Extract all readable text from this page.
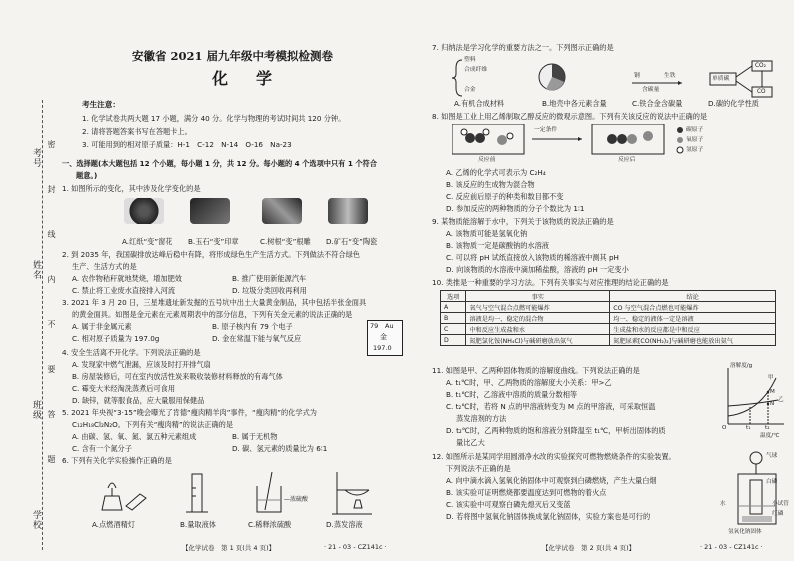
考号
姓名
班级
学校
密
封
线
内
不
要
答
题
安徽省 2021 届九年级中考模拟检测卷
化　学
考生注意：
1. 化学试卷共两大题 17 小题，满分 40 分。化学与物理的考试时间共 120 分钟。
2. 请将答题答案书写在答题卡上。
3. 可能用到的相对原子质量：H-1　C-12　N-14　O-16　Na-23
一、选择题(本大题包括 12 个小题，每小题 1 分，共 12 分。每小题的 4 个选项中只有 1 个符合
题意。)
1. 如图所示的变化，其中涉及化学变化的是
A.红纸“变”窗花 B.玉石“变”印章	C.树根“变”根雕 D.矿石“变”陶瓷
2. 到 2035 年，我国碳排放达峰后稳中有降，将形成绿色生产生活方式。下列做法不符合绿色
生产、生活方式的是
A. 农作物秸秆就地焚烧，增加肥效	B. 推广使用新能源汽车
C. 禁止将工业废水直接排入河流	D. 垃圾分类回收再利用
3. 2021 年 3 月 20 日，三星堆遗址新发掘的五号坑中出土大量黄金制品，其中包括半张金面具
的黄金面具。如图是金元素在元素周期表中的部分信息，下列有关金元素的说法正确的是
A. 属于非金属元素	B. 原子核内有 79 个电子
C. 相对原子质量为 197.0g	D. 金在常温下能与氧气反应
79 Au
金
197.0
4. 安全生活离不开化学。下列说法正确的是
A. 发现家中燃气泄漏，应该及时打开排气扇
B. 房屋装修后，可在室内放活性炭来吸收装修材料释放的有毒气体
C. 霉变大米经淘洗蒸煮后可食用
D. 缺锌，就等服食品，应大量服用保健品
5. 2021 年央视“3·15”晚会曝光了肯德“瘦肉精羊肉”事件，“瘦肉精”的化学式为
C₁₂H₁₈Cl₂N₂O。下列有关“瘦肉精”的说法正确的是
A. 由碳、氢、氧、氮、氯五种元素组成	B. 属于无机物
C. 含有一个氮分子	D. 碳、氢元素的质量比为 6∶1
6. 下列有关化学实验操作正确的是
—浓硫酸
A.点燃酒精灯	B.量取液体	C.稀释浓硫酸	D.蒸发溶液
【化学试卷　第 1 页(共 4 页)】	· 21 - 03 - CZ141c ·
7. 归纳法是学习化学的重要方法之一。下列图示正确的是
塑料
合成纤维
合金
钢	生铁
含碳量
单质碳
CO₂
CO
A.有机合成材料	B.地壳中各元素含量	C.铁合金含碳量	D.碳的化学性质
8. 如图是工业上用乙烯制取乙醇反应的微观示意图。下列有关该反应的说法中正确的是
一定条件
反应前	反应后
碳原子
氧原子
氢原子
A. 乙烯的化学式可表示为 C₂H₄
B. 该反应的生成物为混合物
C. 反应前后原子的种类和数目都不变
D. 参加反应的两种物质的分子个数比为 1∶1
9. 某物质能溶解于水中，下列关于该物质的说法正确的是
A. 该物质可能是氢氧化钠
B. 该物质一定是碳酸钠的水溶液
C. 可以将 pH 试纸直接放入该物质的稀溶液中测其 pH
D. 向该物质的水溶液中滴加稀盐酸，溶液的 pH 一定变小
10. 类推是一种重要的学习方法。下列有关事实与对应推理的结论正确的是
选项	事实	结论
A	氧气与空气混合点燃可能爆炸	CO 与空气混合点燃也可能爆炸
B	溶液是均一、稳定的混合物	均一、稳定的液体一定是溶液
C	中和反应生成盐和水	生成盐和水的反应都是中和反应
D	氮肥氯化铵(NH₄Cl)与碱研磨放出氨气	氮肥尿素[CO(NH₂)₂]与碱研磨也能放出氨气
11. 如图是甲、乙两种固体物质的溶解度曲线。下列说法正确的是
A. t₁℃时，甲、乙两物质的溶解度大小关系：甲>乙
B. t₁℃时，乙溶液中溶质的质量分数相等
C. t₂℃时，若将 N 点的甲溶液转变为 M 点的甲溶液，可采取恒温
蒸发溶剂的方法
D. t₂℃时，乙两种物质的饱和溶液分别降温至 t₁℃，甲析出固体的质
量比乙大
溶解度/g
甲
乙
M
N
O	t₁	t₂
温度/℃
12. 如图所示是某同学用圆滑净水改的实验探究可燃物燃烧条件的实验装置。
下列说法不正确的是
A. 向中滴水滴入氢氧化钠固体中可观察到白磷燃烧，产生大量白烟
B. 该实验可证明燃烧都要温度达到可燃物的着火点
C. 该实验中可观察白磷先熄灭后又变蓝
D. 若将图中氢氧化钠固体换成氯化钠固体，实验方案也是可行的
气球
白磷
水
氢氧化钠固体
小试管
红磷
【化学试卷　第 2 页(共 4 页)】	· 21 - 03 - CZ141c ·
